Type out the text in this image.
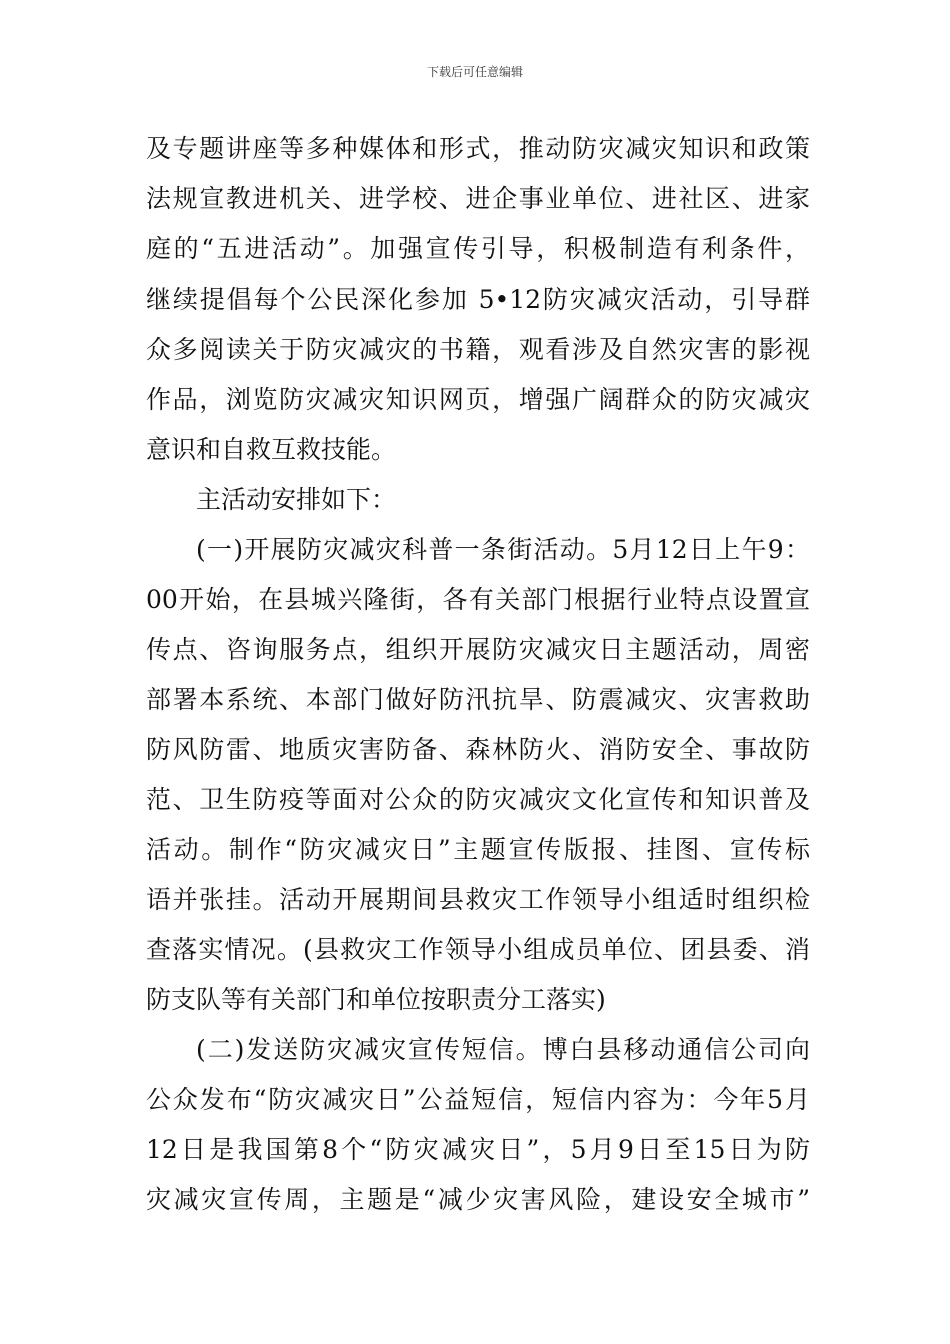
下载后可任意编辑
及专题讲座等多种媒体和形式，推动防灾减灾知识和政策
法规宣教进机关、进学校、进企事业单位、进社区、进家
庭的“五进活动”。加强宣传引导，积极制造有利条件，
继续提倡每个公民深化参加 5•12防灾减灾活动，引导群
众多阅读关于防灾减灾的书籍，观看涉及自然灾害的影视
作品，浏览防灾减灾知识网页，增强广阔群众的防灾减灾
意识和自救互救技能。
主活动安排如下：
(一)开展防灾减灾科普一条街活动。5月12日上午9：
00开始，在县城兴隆街，各有关部门根据行业特点设置宣
传点、咨询服务点，组织开展防灾减灾日主题活动，周密
部署本系统、本部门做好防汛抗旱、防震减灾、灾害救助
防风防雷、地质灾害防备、森林防火、消防安全、事故防
范、卫生防疫等面对公众的防灾减灾文化宣传和知识普及
活动。制作“防灾减灾日”主题宣传版报、挂图、宣传标
语并张挂。活动开展期间县救灾工作领导小组适时组织检
查落实情况。(县救灾工作领导小组成员单位、团县委、消
防支队等有关部门和单位按职责分工落实)
(二)发送防灾减灾宣传短信。博白县移动通信公司向
公众发布“防灾减灾日”公益短信，短信内容为：今年5月
12日是我国第8个“防灾减灾日”，5月9日至15日为防
灾减灾宣传周，主题是“减少灾害风险，建设安全城市”
